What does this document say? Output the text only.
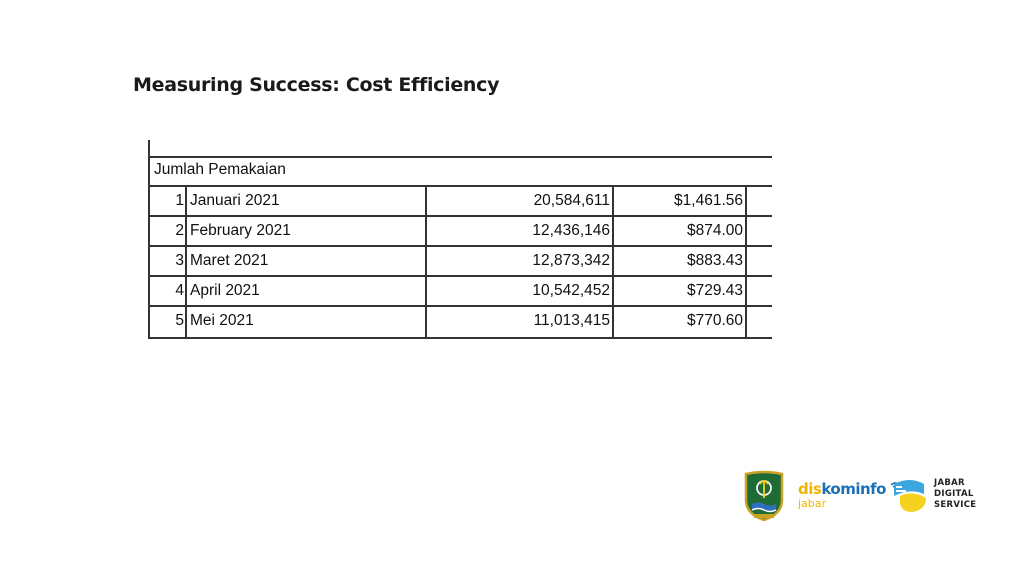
Measuring Success: Cost Efficiency
Jumlah Pemakaian
1 Januari 2021	20,584,611	$1,461.56
2 February 2021	12,436,146	$874.00
3 Maret 2021	12,873,342	$883.43
4 April 2021	10,542,452	$729.43
5 Mei 2021	11,013,415	$770.60
diskominfo
jabar
JABAR
DIGITAL
SERVICE
